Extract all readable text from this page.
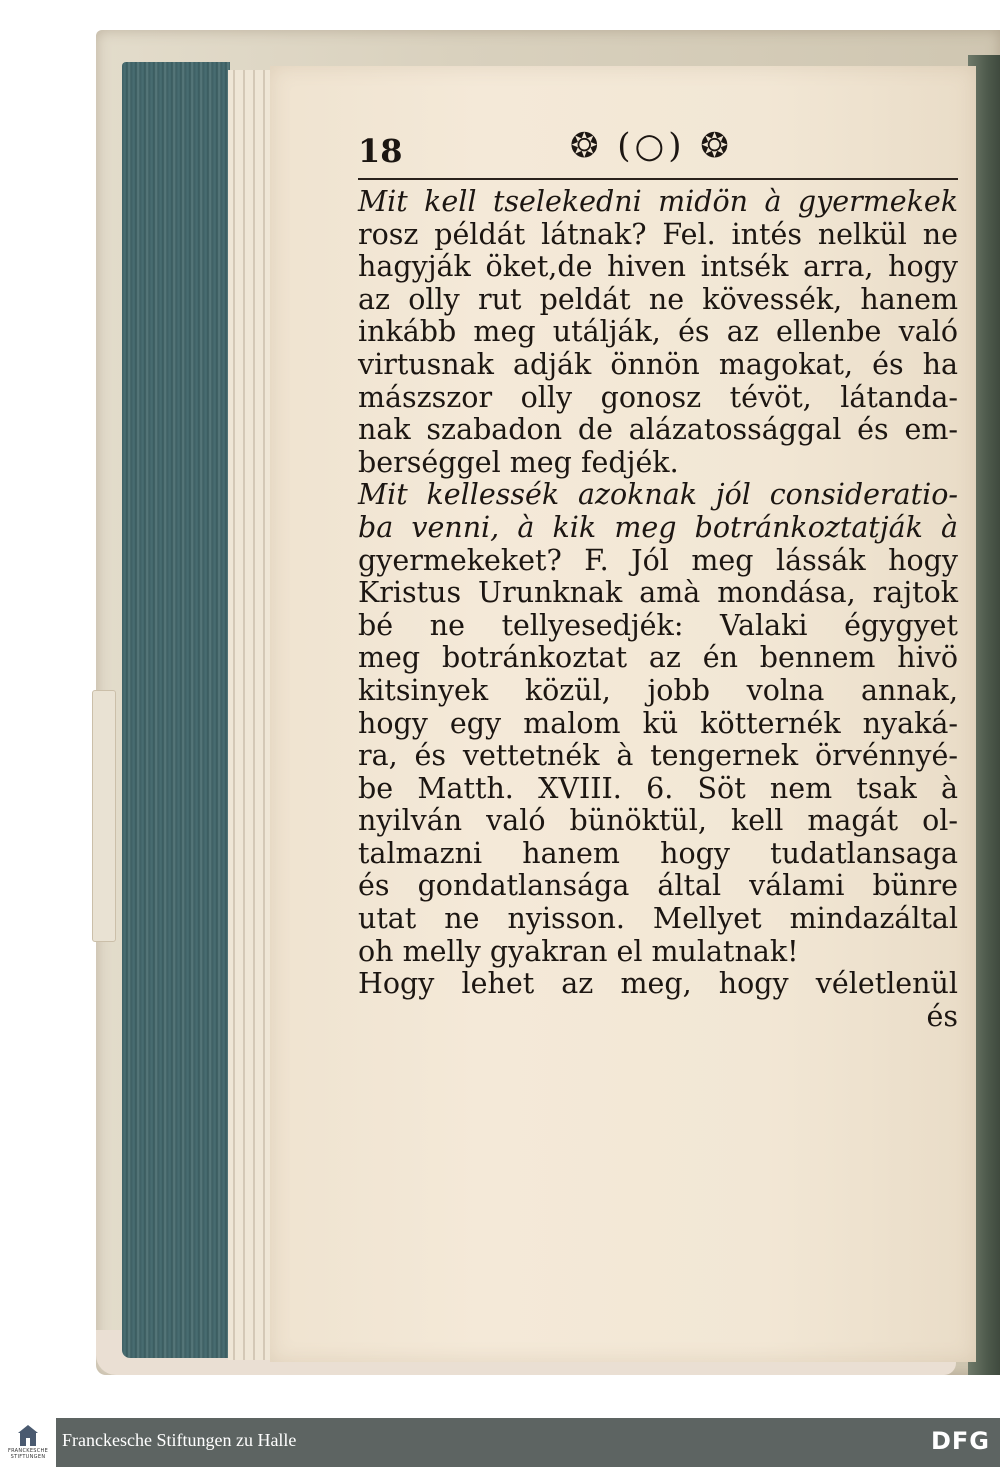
18	❂ (○) ❂
Mit kell tselekedni midön à gyermekek
rosz példát látnak? Fel. intés nelkül ne
hagyják öket,de hiven intsék arra, hogy
az olly rut peldát ne kövessék, hanem
inkább meg utálják, és az ellenbe való
virtusnak adják önnön magokat, és ha
mászszor olly gonosz tévöt, látanda-
nak szabadon de alázatossággal és em-
berséggel meg fedjék.
Mit kellessék azoknak jól consideratio-
ba venni, à kik meg botránkoztatják à
gyermekeket? F. Jól meg lássák hogy
Kristus Urunknak amà mondása, rajtok
bé ne tellyesedjék: Valaki égygyet
meg botránkoztat az én bennem hivö
kitsinyek közül, jobb volna annak,
hogy egy malom kü kötternék nyaká-
ra, és vettetnék à tengernek örvénnyé-
be Matth. XVIII. 6. Söt nem tsak à
nyilván való bünöktül, kell magát ol-
talmazni hanem hogy tudatlansaga
és gondatlansága által válami bünre
utat ne nyisson. Mellyet mindazáltal
oh melly gyakran el mulatnak!
Hogy lehet az meg, hogy véletlenül
és
FRANCKESCHE STIFTUNGEN
Franckesche Stiftungen zu Halle	DFG
